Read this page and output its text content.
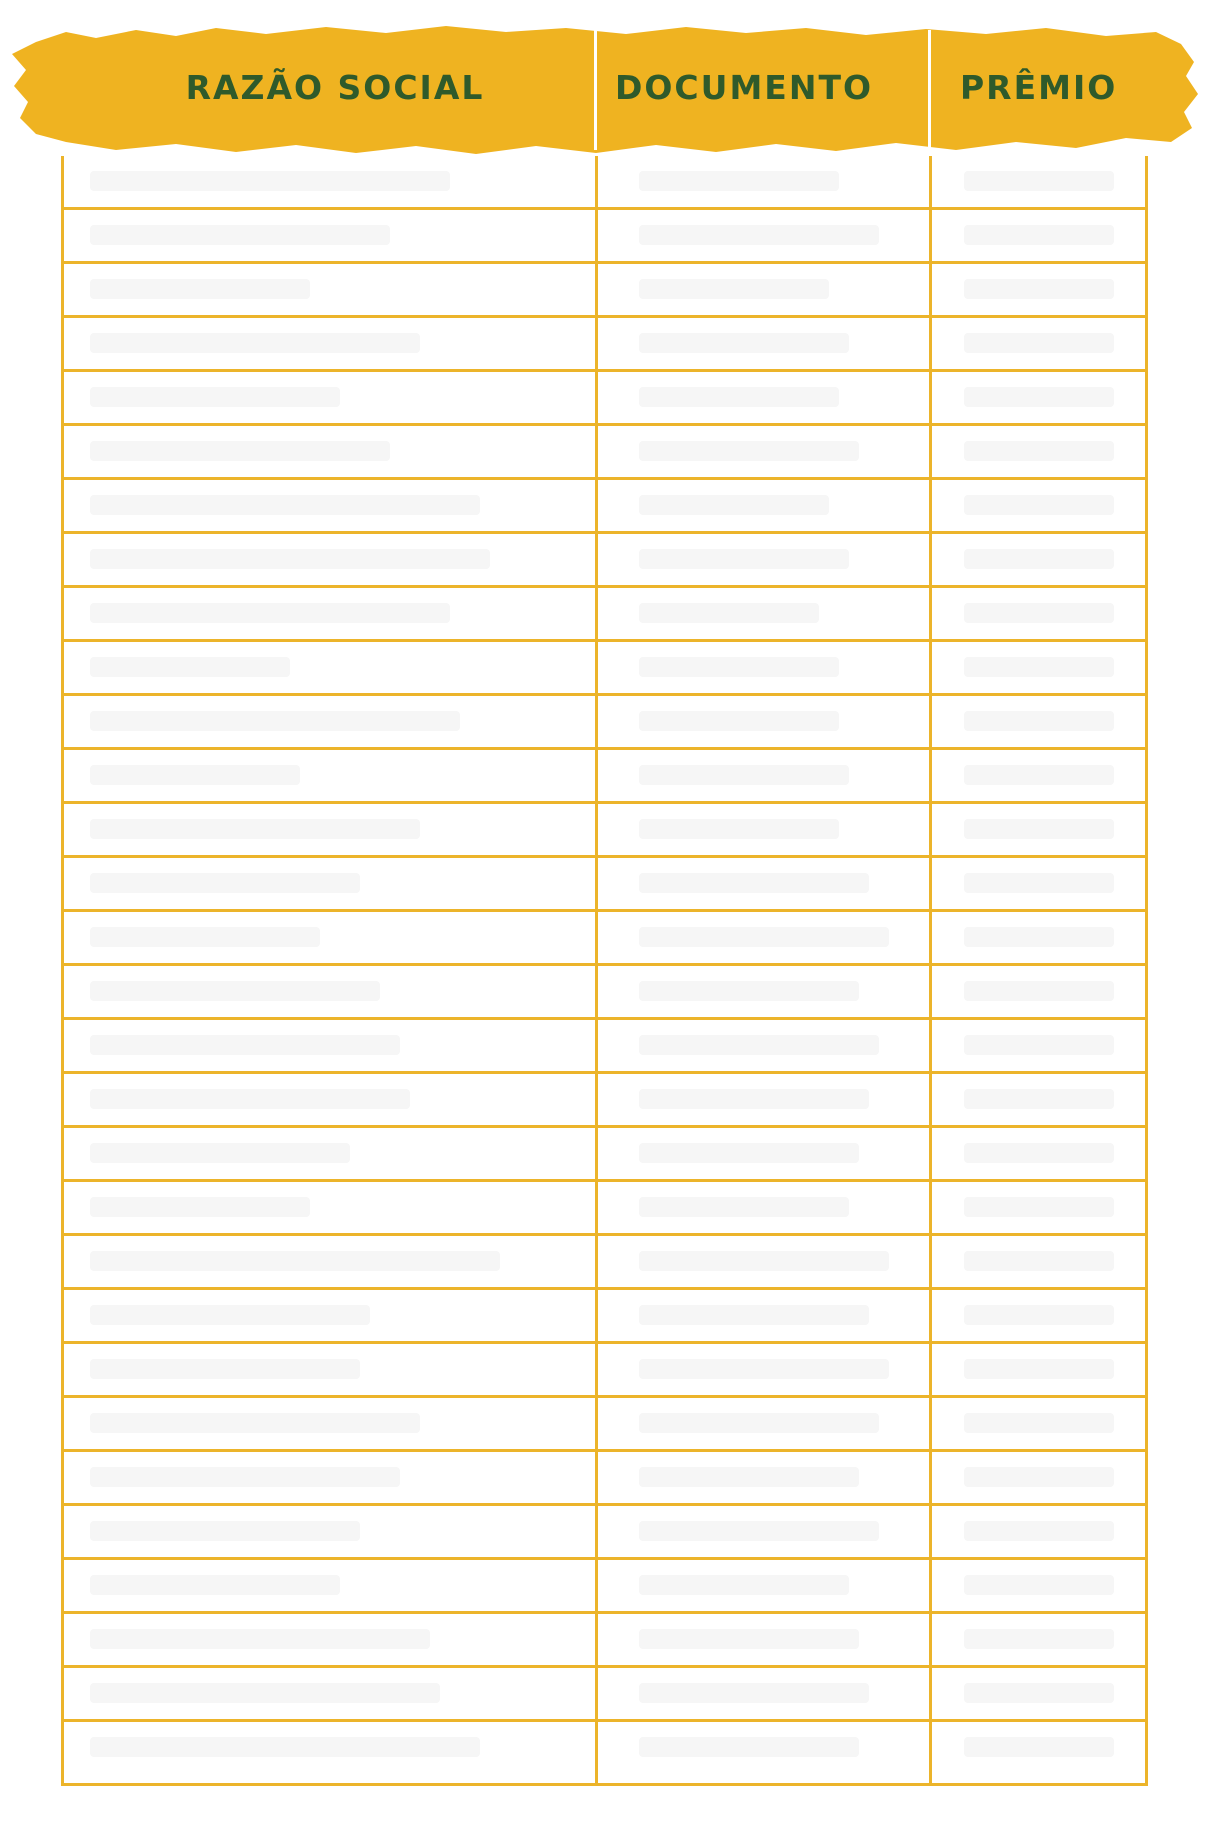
RAZÃO SOCIAL	DOCUMENTO	PRÊMIO
